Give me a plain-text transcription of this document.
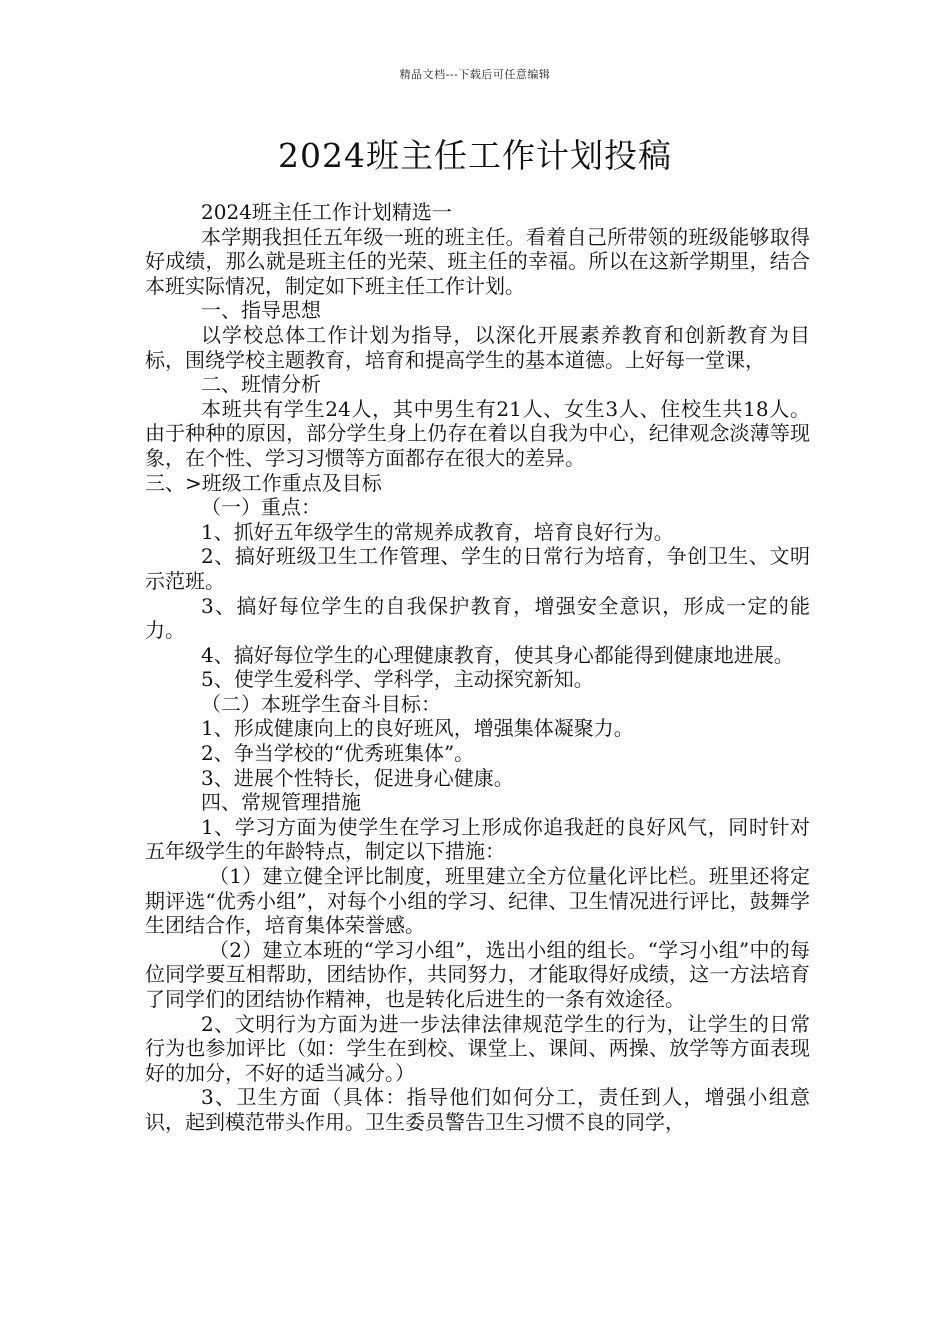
精品文档---下载后可任意编辑
2024班主任工作计划投稿

2024班主任工作计划精选一

本学期我担任五年级一班的班主任。看着自己所带领的班级能够取得好成绩，那么就是班主任的光荣、班主任的幸福。所以在这新学期里，结合本班实际情况，制定如下班主任工作计划。

一、指导思想

以学校总体工作计划为指导，以深化开展素养教育和创新教育为目标，围绕学校主题教育，培育和提高学生的基本道德。上好每一堂课，

二、班情分析

本班共有学生24人，其中男生有21人、女生3人、住校生共18人。由于种种的原因，部分学生身上仍存在着以自我为中心，纪律观念淡薄等现象，在个性、学习习惯等方面都存在很大的差异。

三、>班级工作重点及目标

（一）重点：

1、抓好五年级学生的常规养成教育，培育良好行为。

2、搞好班级卫生工作管理、学生的日常行为培育，争创卫生、文明示范班。

3、搞好每位学生的自我保护教育，增强安全意识，形成一定的能力。

4、搞好每位学生的心理健康教育，使其身心都能得到健康地进展。

5、使学生爱科学、学科学，主动探究新知。

（二）本班学生奋斗目标：

1、形成健康向上的良好班风，增强集体凝聚力。

2、争当学校的“优秀班集体”。

3、进展个性特长，促进身心健康。

四、常规管理措施

1、学习方面为使学生在学习上形成你追我赶的良好风气，同时针对五年级学生的年龄特点，制定以下措施：

（1）建立健全评比制度，班里建立全方位量化评比栏。班里还将定期评选“优秀小组”，对每个小组的学习、纪律、卫生情况进行评比，鼓舞学生团结合作，培育集体荣誉感。

（2）建立本班的“学习小组”，选出小组的组长。“学习小组”中的每位同学要互相帮助，团结协作，共同努力，才能取得好成绩，这一方法培育了同学们的团结协作精神，也是转化后进生的一条有效途径。

2、文明行为方面为进一步法律法律规范学生的行为，让学生的日常行为也参加评比（如：学生在到校、课堂上、课间、两操、放学等方面表现好的加分，不好的适当减分。）

3、卫生方面（具体：指导他们如何分工，责任到人，增强小组意识，起到模范带头作用。卫生委员警告卫生习惯不良的同学，
